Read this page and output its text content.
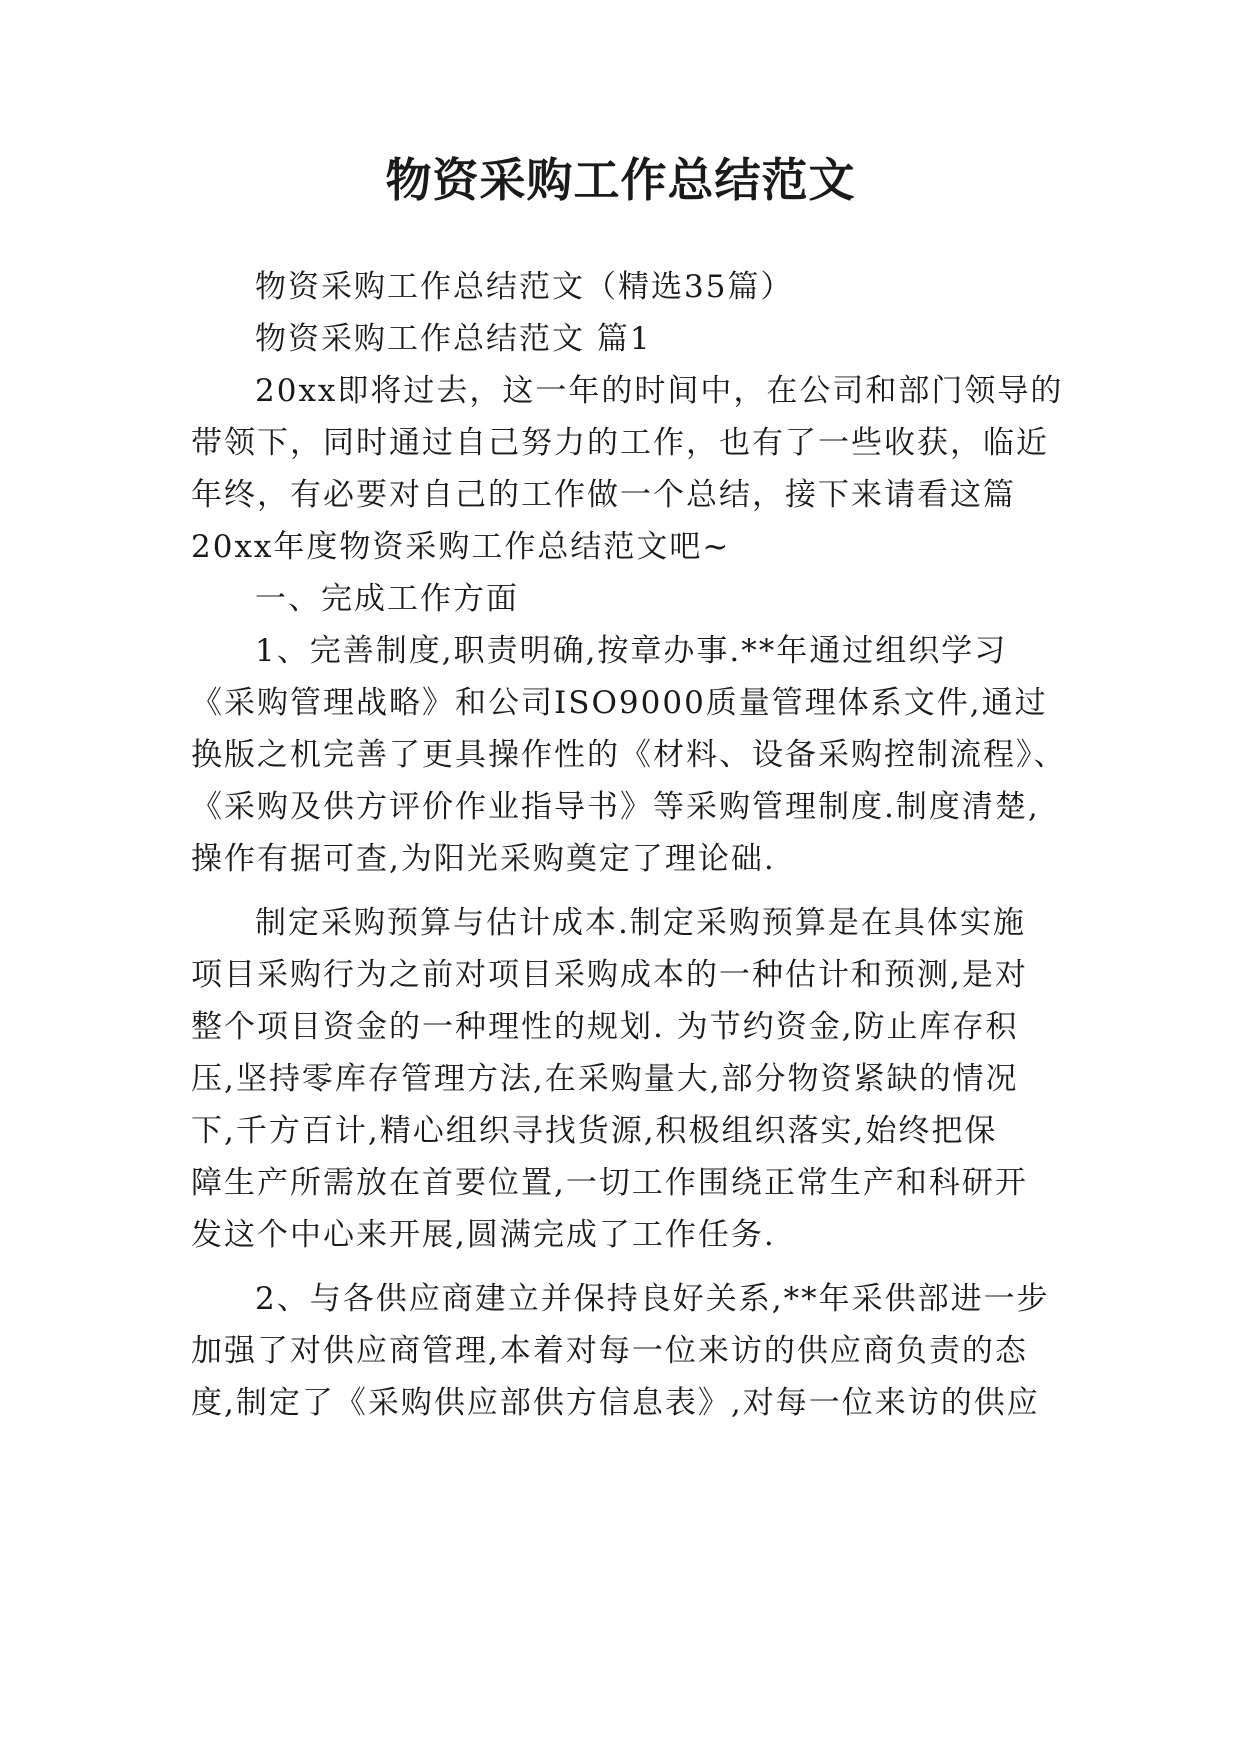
物资采购工作总结范文
物资采购工作总结范文（精选35篇）
物资采购工作总结范文 篇1
20xx即将过去，这一年的时间中，在公司和部门领导的
带领下，同时通过自己努力的工作，也有了一些收获，临近
年终，有必要对自己的工作做一个总结，接下来请看这篇
20xx年度物资采购工作总结范文吧~
一、完成工作方面
1、完善制度,职责明确,按章办事.**年通过组织学习
《采购管理战略》和公司ISO9000质量管理体系文件,通过
换版之机完善了更具操作性的《材料、设备采购控制流程》、
《采购及供方评价作业指导书》等采购管理制度.制度清楚,
操作有据可查,为阳光采购奠定了理论础.
制定采购预算与估计成本.制定采购预算是在具体实施
项目采购行为之前对项目采购成本的一种估计和预测,是对
整个项目资金的一种理性的规划. 为节约资金,防止库存积
压,坚持零库存管理方法,在采购量大,部分物资紧缺的情况
下,千方百计,精心组织寻找货源,积极组织落实,始终把保
障生产所需放在首要位置,一切工作围绕正常生产和科研开
发这个中心来开展,圆满完成了工作任务.
2、与各供应商建立并保持良好关系,**年采供部进一步
加强了对供应商管理,本着对每一位来访的供应商负责的态
度,制定了《采购供应部供方信息表》,对每一位来访的供应
